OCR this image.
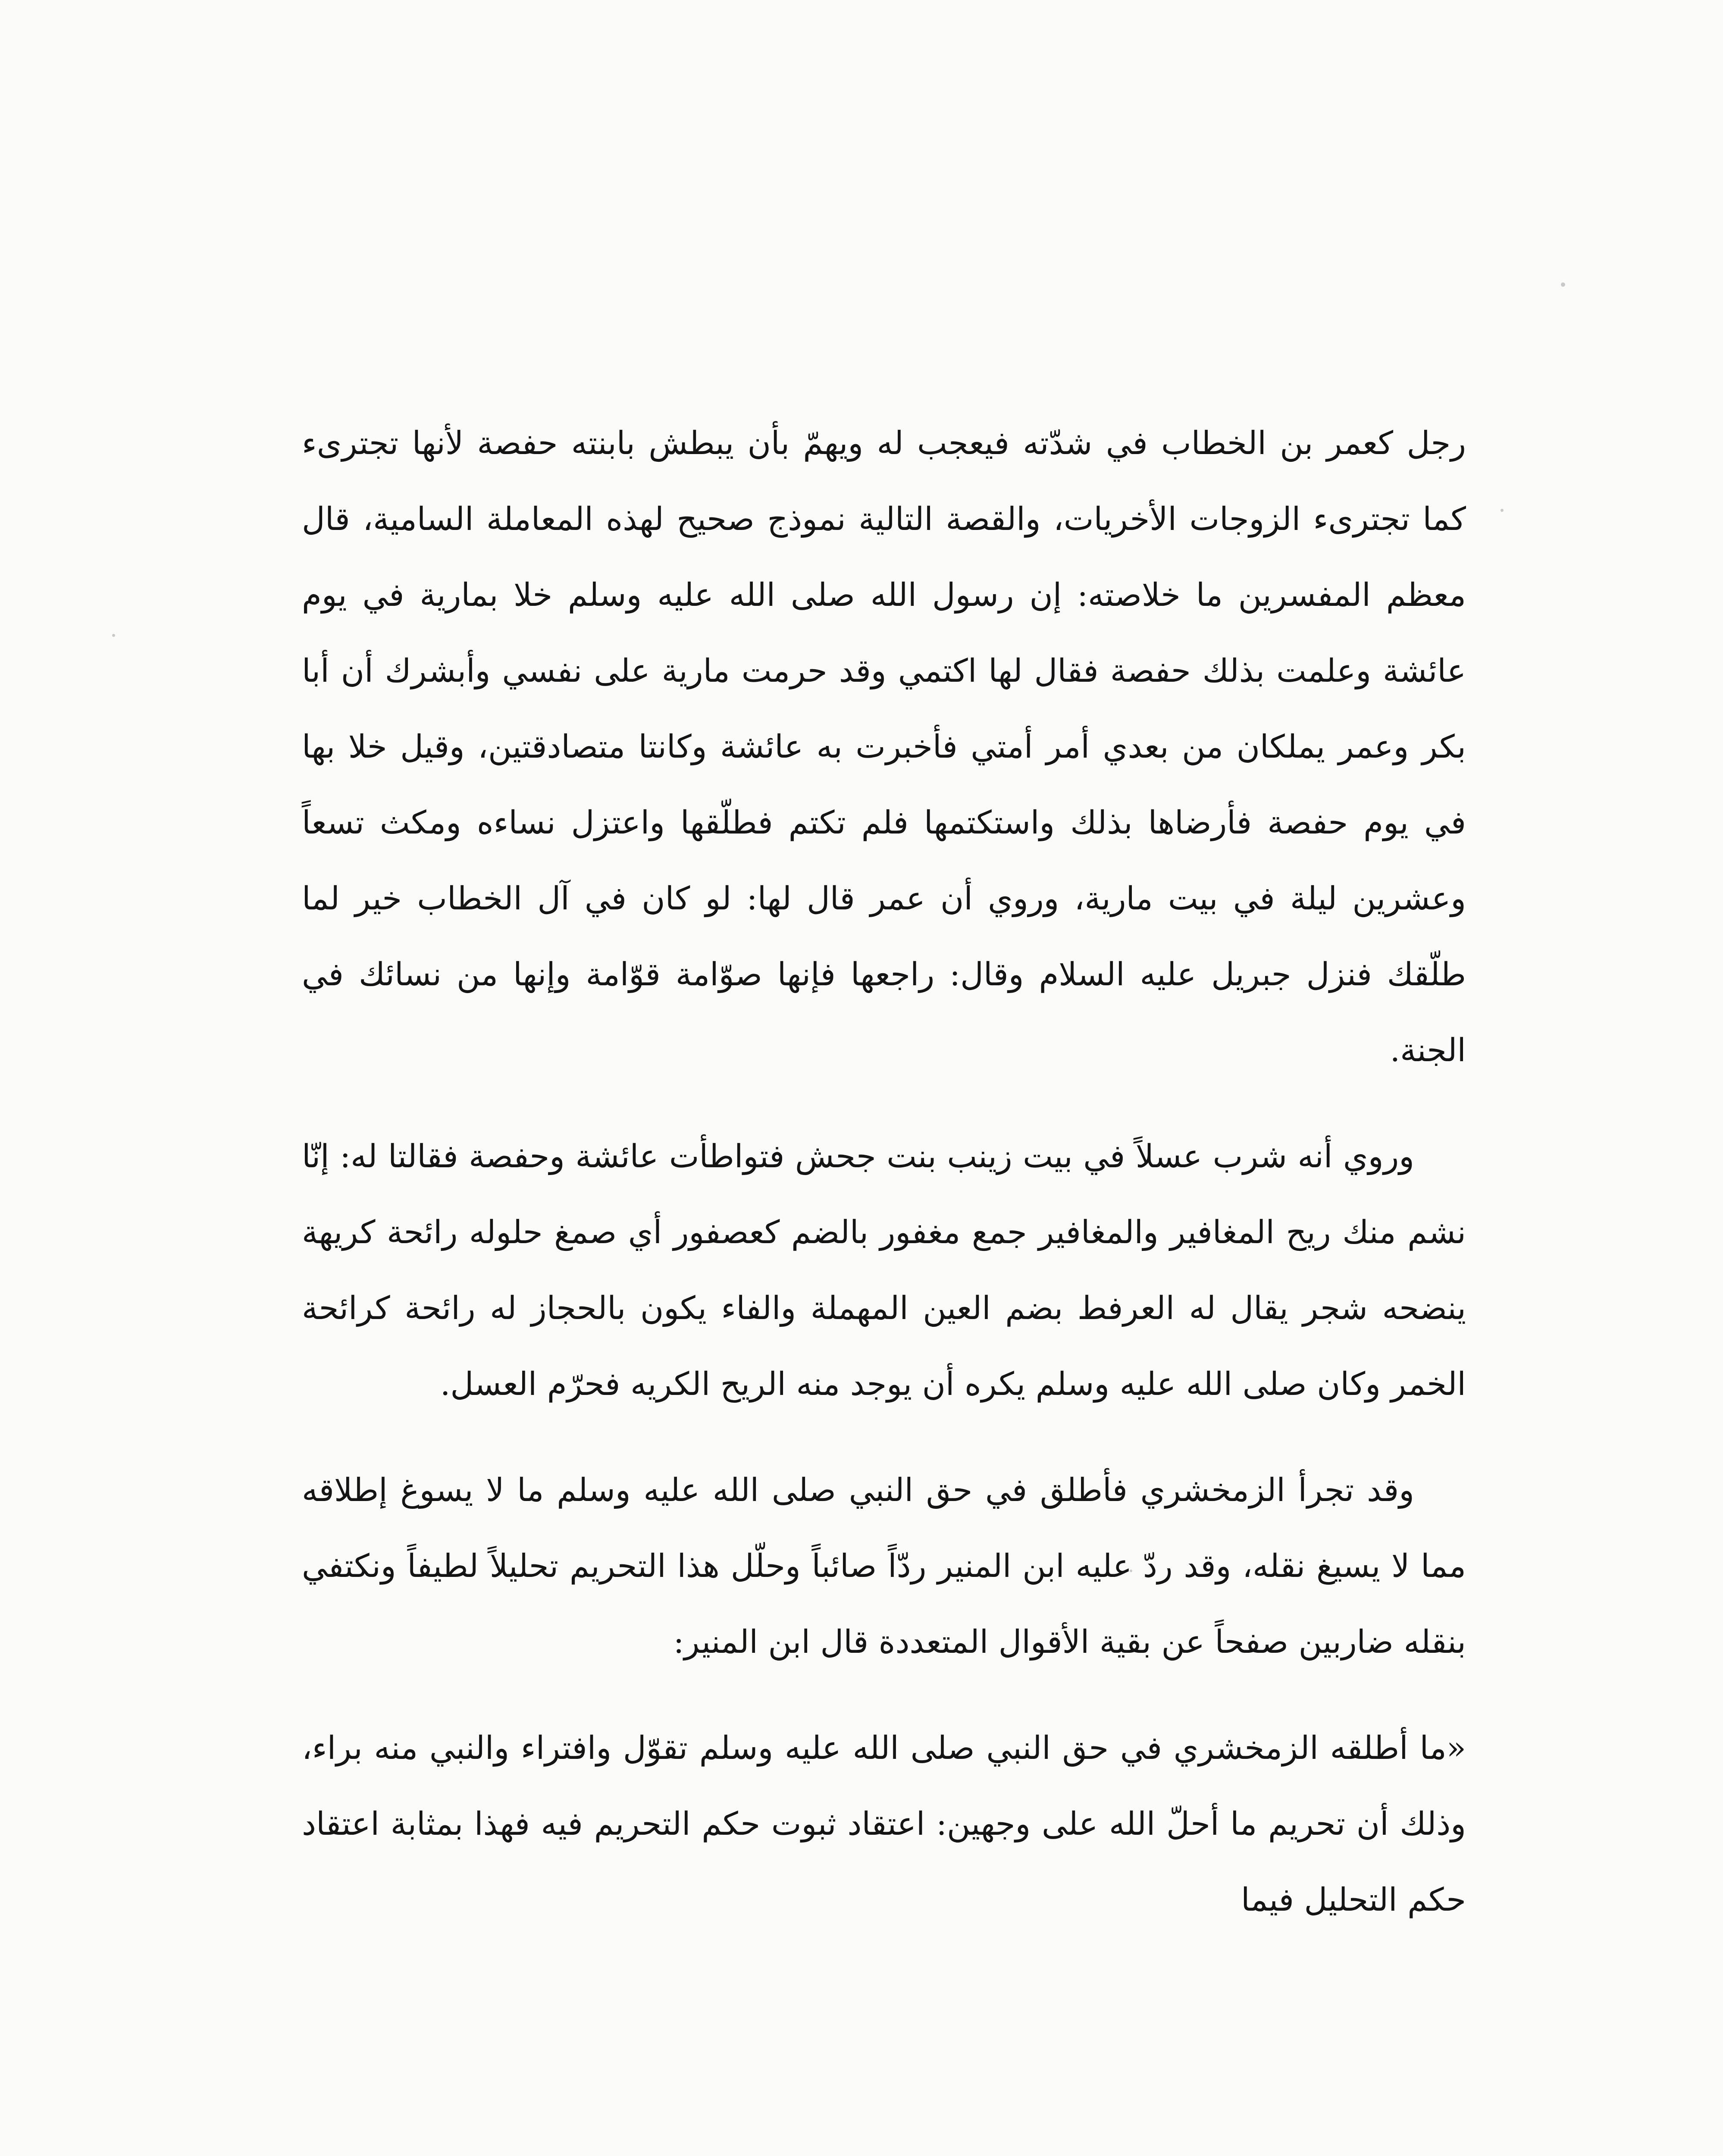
رجل كعمر بن الخطاب في شدّته فيعجب له ويهمّ بأن يبطش بابنته حفصة لأنها تجترىء كما تجترىء الزوجات الأخريات، والقصة التالية نموذج صحيح لهذه المعاملة السامية، قال معظم المفسرين ما خلاصته: إن رسول الله صلى الله عليه وسلم خلا بمارية في يوم عائشة وعلمت بذلك حفصة فقال لها اكتمي وقد حرمت مارية على نفسي وأبشرك أن أبا بكر وعمر يملكان من بعدي أمر أمتي فأخبرت به عائشة وكانتا متصادقتين، وقيل خلا بها في يوم حفصة فأرضاها بذلك واستكتمها فلم تكتم فطلّقها واعتزل نساءه ومكث تسعاً وعشرين ليلة في بيت مارية، وروي أن عمر قال لها: لو كان في آل الخطاب خير لما طلّقك فنزل جبريل عليه السلام وقال: راجعها فإنها صوّامة قوّامة وإنها من نسائك في الجنة.

وروي أنه شرب عسلاً في بيت زينب بنت جحش فتواطأت عائشة وحفصة فقالتا له: إنّا نشم منك ريح المغافير والمغافير جمع مغفور بالضم كعصفور أي صمغ حلوله رائحة كريهة ينضحه شجر يقال له العرفط بضم العين المهملة والفاء يكون بالحجاز له رائحة كرائحة الخمر وكان صلى الله عليه وسلم يكره أن يوجد منه الريح الكريه فحرّم العسل.

وقد تجرأ الزمخشري فأطلق في حق النبي صلى الله عليه وسلم ما لا يسوغ إطلاقه مما لا يسيغ نقله، وقد ردّ عليه ابن المنير ردّاً صائباً وحلّل هذا التحريم تحليلاً لطيفاً ونكتفي بنقله ضاربين صفحاً عن بقية الأقوال المتعددة قال ابن المنير:

«ما أطلقه الزمخشري في حق النبي صلى الله عليه وسلم تقوّل وافتراء والنبي منه براء، وذلك أن تحريم ما أحلّ الله على وجهين: اعتقاد ثبوت حكم التحريم فيه فهذا بمثابة اعتقاد حكم التحليل فيما
